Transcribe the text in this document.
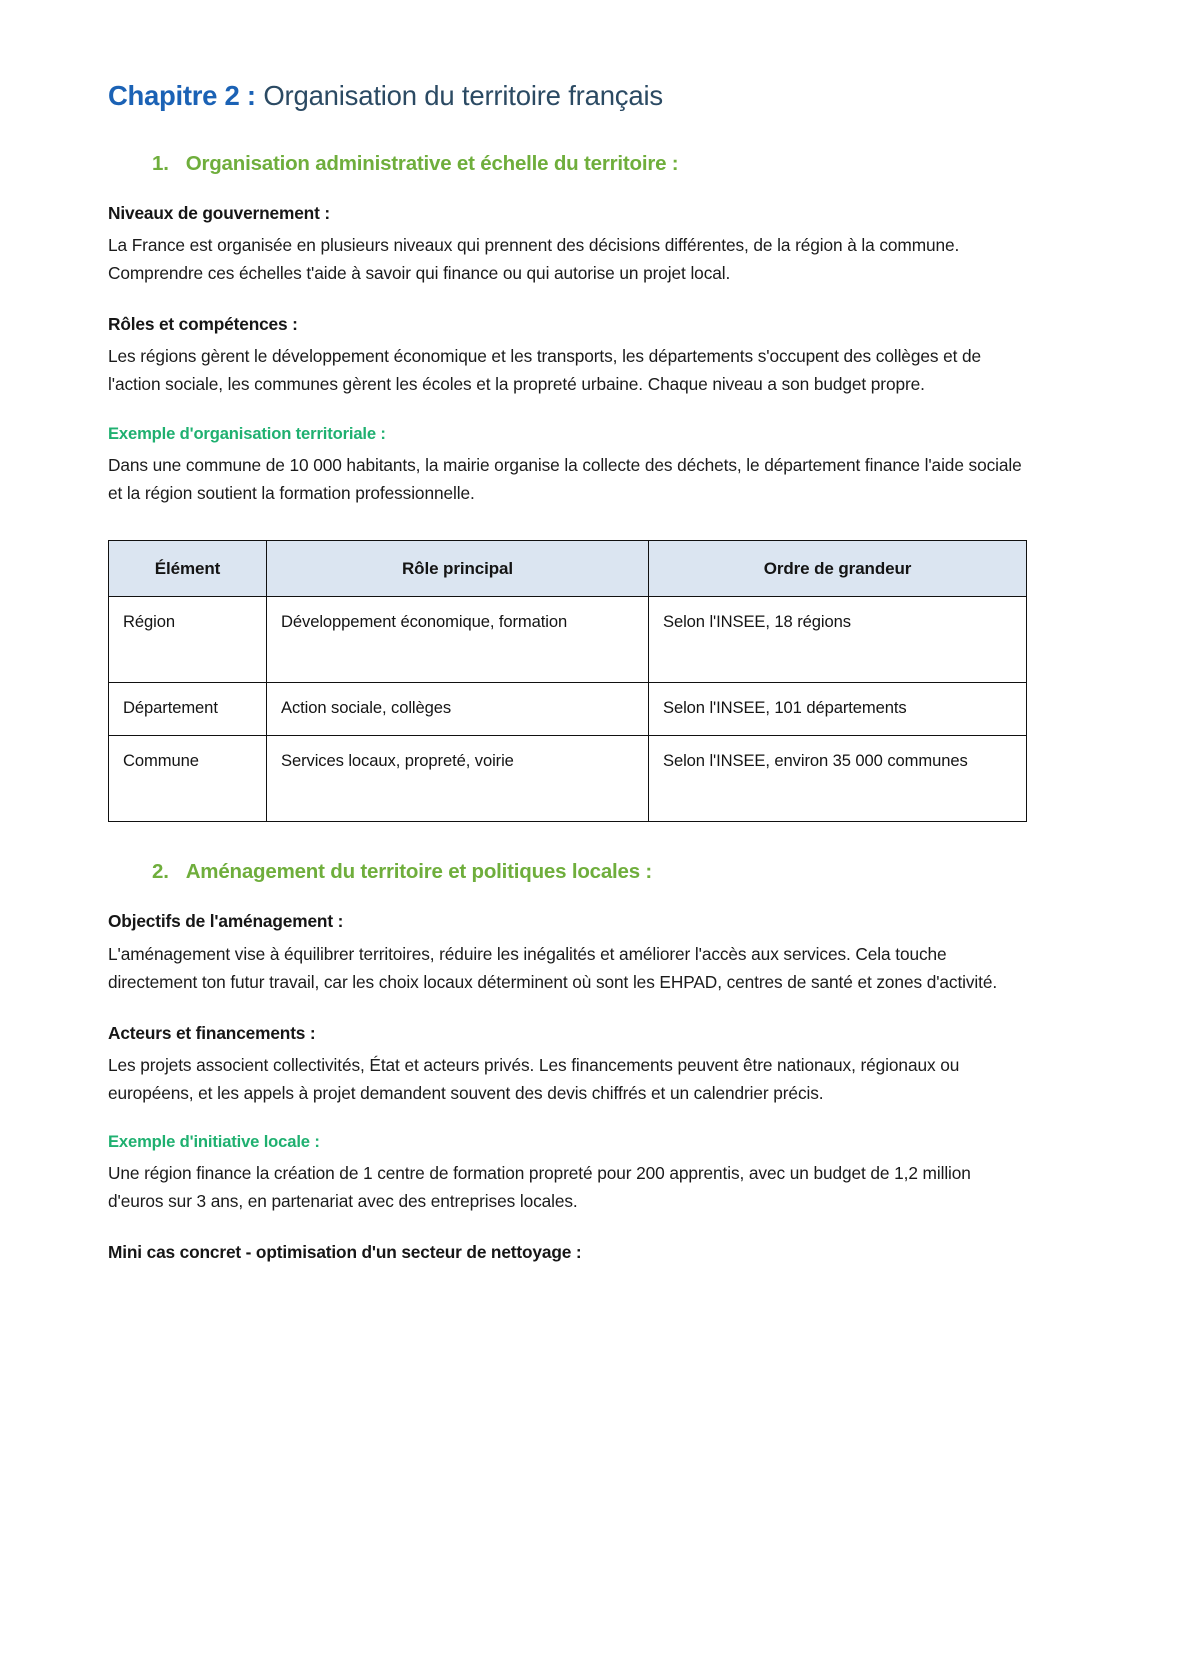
Chapitre 2 : Organisation du territoire français
1. Organisation administrative et échelle du territoire :
Niveaux de gouvernement :

La France est organisée en plusieurs niveaux qui prennent des décisions différentes, de la région à la commune. Comprendre ces échelles t'aide à savoir qui finance ou qui autorise un projet local.

Rôles et compétences :

Les régions gèrent le développement économique et les transports, les départements s'occupent des collèges et de l'action sociale, les communes gèrent les écoles et la propreté urbaine. Chaque niveau a son budget propre.

Exemple d'organisation territoriale :

Dans une commune de 10 000 habitants, la mairie organise la collecte des déchets, le département finance l'aide sociale et la région soutient la formation professionnelle.

Élément	Rôle principal	Ordre de grandeur
Région	Développement économique, formation	Selon l'INSEE, 18 régions
Département	Action sociale, collèges	Selon l'INSEE, 101 départements
Commune	Services locaux, propreté, voirie	Selon l'INSEE, environ 35 000 communes
2. Aménagement du territoire et politiques locales :
Objectifs de l'aménagement :

L'aménagement vise à équilibrer territoires, réduire les inégalités et améliorer l'accès aux services. Cela touche directement ton futur travail, car les choix locaux déterminent où sont les EHPAD, centres de santé et zones d'activité.

Acteurs et financements :

Les projets associent collectivités, État et acteurs privés. Les financements peuvent être nationaux, régionaux ou européens, et les appels à projet demandent souvent des devis chiffrés et un calendrier précis.

Exemple d'initiative locale :

Une région finance la création de 1 centre de formation propreté pour 200 apprentis, avec un budget de 1,2 million d'euros sur 3 ans, en partenariat avec des entreprises locales.

Mini cas concret - optimisation d'un secteur de nettoyage :
